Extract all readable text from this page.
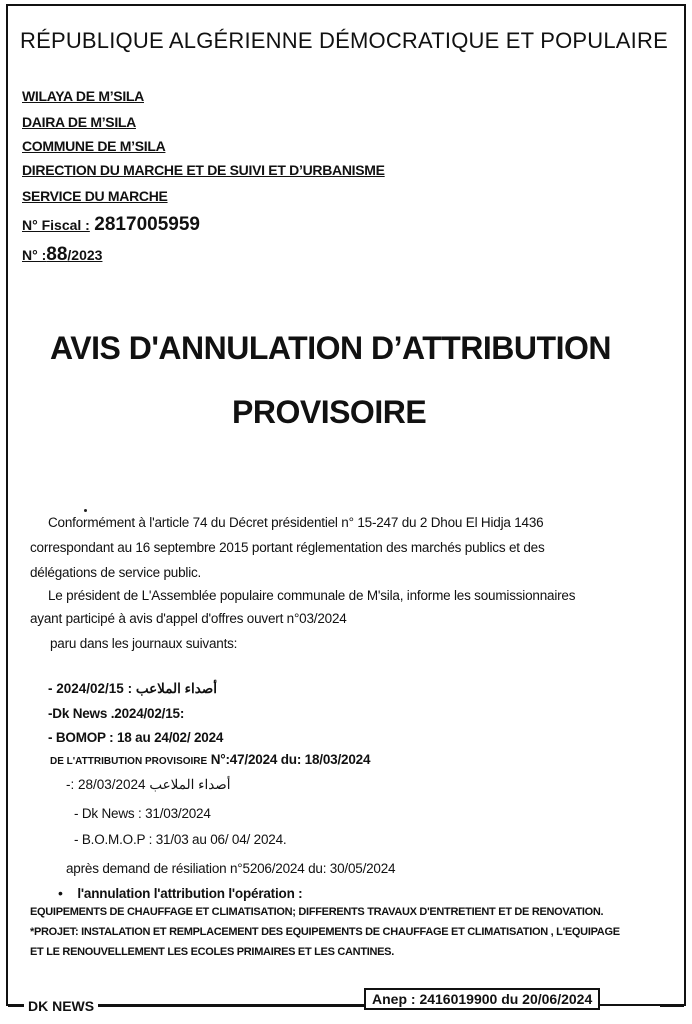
RÉPUBLIQUE ALGÉRIENNE DÉMOCRATIQUE ET POPULAIRE
WILAYA DE M’SILA
DAIRA DE M’SILA
COMMUNE DE M’SILA
DIRECTION DU MARCHE ET DE SUIVI ET D’URBANISME
SERVICE DU MARCHE
N° Fiscal : 2817005959
N° :88/2023
AVIS D'ANNULATION D’ATTRIBUTION
PROVISOIRE
Conformément à l'article 74 du Décret présidentiel n° 15-247 du 2 Dhou El Hidja 1436
correspondant au 16 septembre 2015 portant réglementation des marchés publics et des
délégations de service public.
Le président de L'Assemblée populaire communale de M'sila, informe les soumissionnaires
ayant participé à avis d'appel d'offres ouvert n°03/2024
paru dans les journaux suivants:
- أصداء الملاعب : 2024/02/15
-Dk News .2024/02/15:
- BOMOP : 18 au 24/02/ 2024
DE L'ATTRIBUTION PROVISOIRE N°:47/2024 du: 18/03/2024
-: أصداء الملاعب 28/03/2024
- Dk News : 31/03/2024
- B.O.M.O.P : 31/03 au 06/ 04/ 2024.
après demand de résiliation n°5206/2024 du: 30/05/2024
• l'annulation l'attribution l'opération :
EQUIPEMENTS DE CHAUFFAGE ET CLIMATISATION; DIFFERENTS TRAVAUX D'ENTRETIENT ET DE RENOVATION.
*PROJET: INSTALATION ET REMPLACEMENT DES EQUIPEMENTS DE CHAUFFAGE ET CLIMATISATION , L'EQUIPAGE
ET LE RENOUVELLEMENT LES ECOLES PRIMAIRES ET LES CANTINES.
DK NEWS	Anep : 2416019900 du 20/06/2024
